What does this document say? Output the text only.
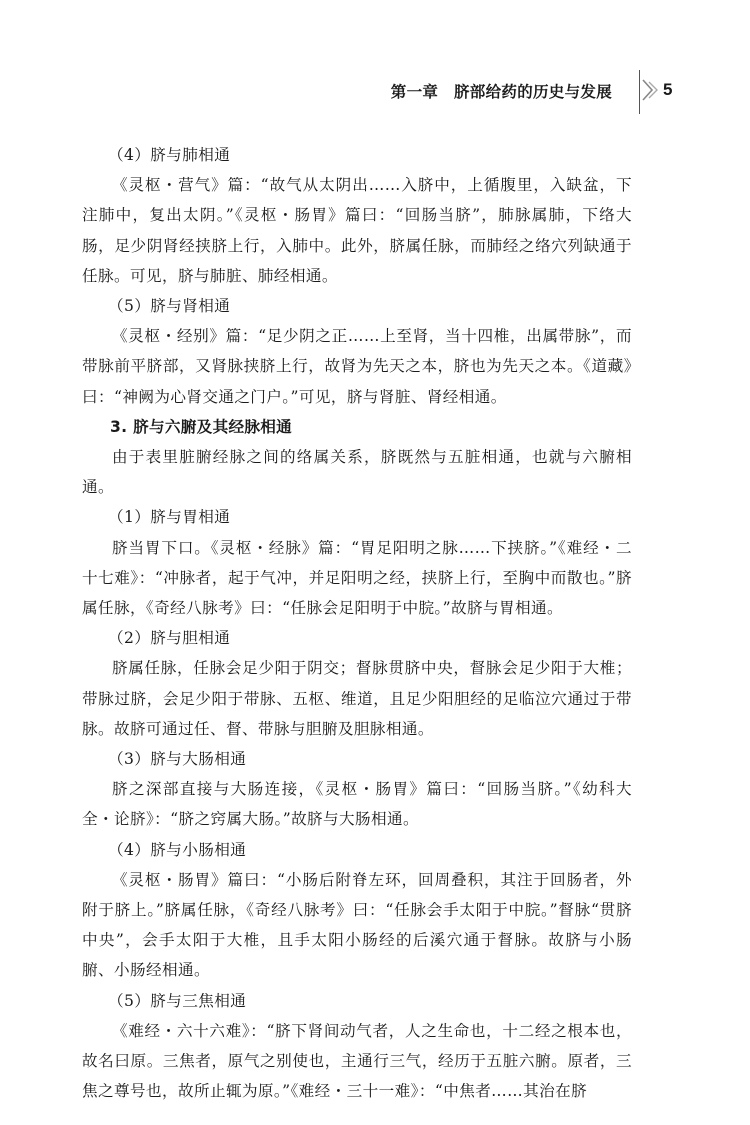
第一章　脐部给药的历史与发展	5

（4）脐与肺相通

《灵枢・营气》篇：“故气从太阴出……入脐中，上循腹里，入缺盆，下注肺中，复出太阴。”《灵枢・肠胃》篇曰：“回肠当脐”，肺脉属肺，下络大肠，足少阴肾经挟脐上行，入肺中。此外，脐属任脉，而肺经之络穴列缺通于任脉。可见，脐与肺脏、肺经相通。

（5）脐与肾相通

《灵枢・经别》篇：“足少阴之正……上至肾，当十四椎，出属带脉”，而带脉前平脐部，又肾脉挟脐上行，故肾为先天之本，脐也为先天之本。《道藏》曰：“神阙为心肾交通之门户。”可见，脐与肾脏、肾经相通。

3. 脐与六腑及其经脉相通

由于表里脏腑经脉之间的络属关系，脐既然与五脏相通，也就与六腑相通。

（1）脐与胃相通

脐当胃下口。《灵枢・经脉》篇：“胃足阳明之脉……下挟脐。”《难经・二十七难》：“冲脉者，起于气冲，并足阳明之经，挟脐上行，至胸中而散也。”脐属任脉，《奇经八脉考》曰：“任脉会足阳明于中脘。”故脐与胃相通。

（2）脐与胆相通

脐属任脉，任脉会足少阳于阴交；督脉贯脐中央，督脉会足少阳于大椎；带脉过脐，会足少阳于带脉、五枢、维道，且足少阳胆经的足临泣穴通过于带脉。故脐可通过任、督、带脉与胆腑及胆脉相通。

（3）脐与大肠相通

脐之深部直接与大肠连接，《灵枢・肠胃》篇曰：“回肠当脐。”《幼科大全・论脐》：“脐之窍属大肠。”故脐与大肠相通。

（4）脐与小肠相通

《灵枢・肠胃》篇曰：“小肠后附脊左环，回周叠积，其注于回肠者，外附于脐上。”脐属任脉，《奇经八脉考》曰：“任脉会手太阳于中脘。”督脉“贯脐中央”，会手太阳于大椎，且手太阳小肠经的后溪穴通于督脉。故脐与小肠腑、小肠经相通。

（5）脐与三焦相通

《难经・六十六难》：“脐下肾间动气者，人之生命也，十二经之根本也，故名曰原。三焦者，原气之别使也，主通行三气，经历于五脏六腑。原者，三焦之尊号也，故所止辄为原。”《难经・三十一难》：“中焦者……其治在脐
